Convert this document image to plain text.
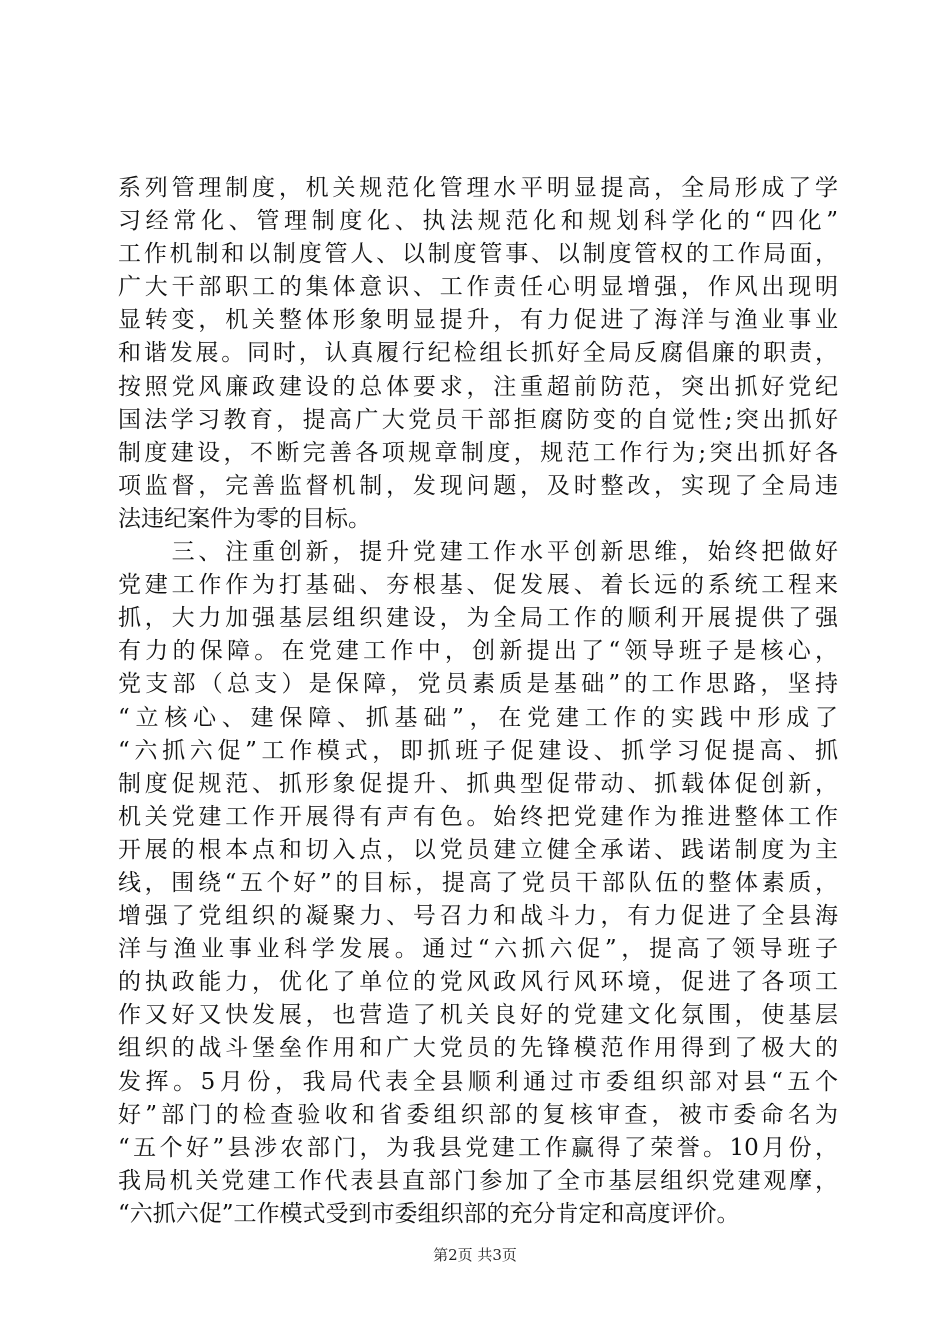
系列管理制度，机关规范化管理水平明显提高，全局形成了学
习经常化、管理制度化、执法规范化和规划科学化的“四化”
工作机制和以制度管人、以制度管事、以制度管权的工作局面，
广大干部职工的集体意识、工作责任心明显增强，作风出现明
显转变，机关整体形象明显提升，有力促进了海洋与渔业事业
和谐发展。同时，认真履行纪检组长抓好全局反腐倡廉的职责，
按照党风廉政建设的总体要求，注重超前防范，突出抓好党纪
国法学习教育，提高广大党员干部拒腐防变的自觉性;突出抓好
制度建设，不断完善各项规章制度，规范工作行为;突出抓好各
项监督，完善监督机制，发现问题，及时整改，实现了全局违
法违纪案件为零的目标。
　　三、注重创新，提升党建工作水平创新思维，始终把做好
党建工作作为打基础、夯根基、促发展、着长远的系统工程来
抓，大力加强基层组织建设，为全局工作的顺利开展提供了强
有力的保障。在党建工作中，创新提出了“领导班子是核心，
党支部（总支）是保障，党员素质是基础”的工作思路，坚持
“立核心、建保障、抓基础”，在党建工作的实践中形成了
“六抓六促”工作模式，即抓班子促建设、抓学习促提高、抓
制度促规范、抓形象促提升、抓典型促带动、抓载体促创新，
机关党建工作开展得有声有色。始终把党建作为推进整体工作
开展的根本点和切入点，以党员建立健全承诺、践诺制度为主
线，围绕“五个好”的目标，提高了党员干部队伍的整体素质，
增强了党组织的凝聚力、号召力和战斗力，有力促进了全县海
洋与渔业事业科学发展。通过“六抓六促”，提高了领导班子
的执政能力，优化了单位的党风政风行风环境，促进了各项工
作又好又快发展，也营造了机关良好的党建文化氛围，使基层
组织的战斗堡垒作用和广大党员的先锋模范作用得到了极大的
发挥。5月份，我局代表全县顺利通过市委组织部对县“五个
好”部门的检查验收和省委组织部的复核审查，被市委命名为
“五个好”县涉农部门，为我县党建工作赢得了荣誉。10月份，
我局机关党建工作代表县直部门参加了全市基层组织党建观摩，
“六抓六促”工作模式受到市委组织部的充分肯定和高度评价。
第2页 共3页
